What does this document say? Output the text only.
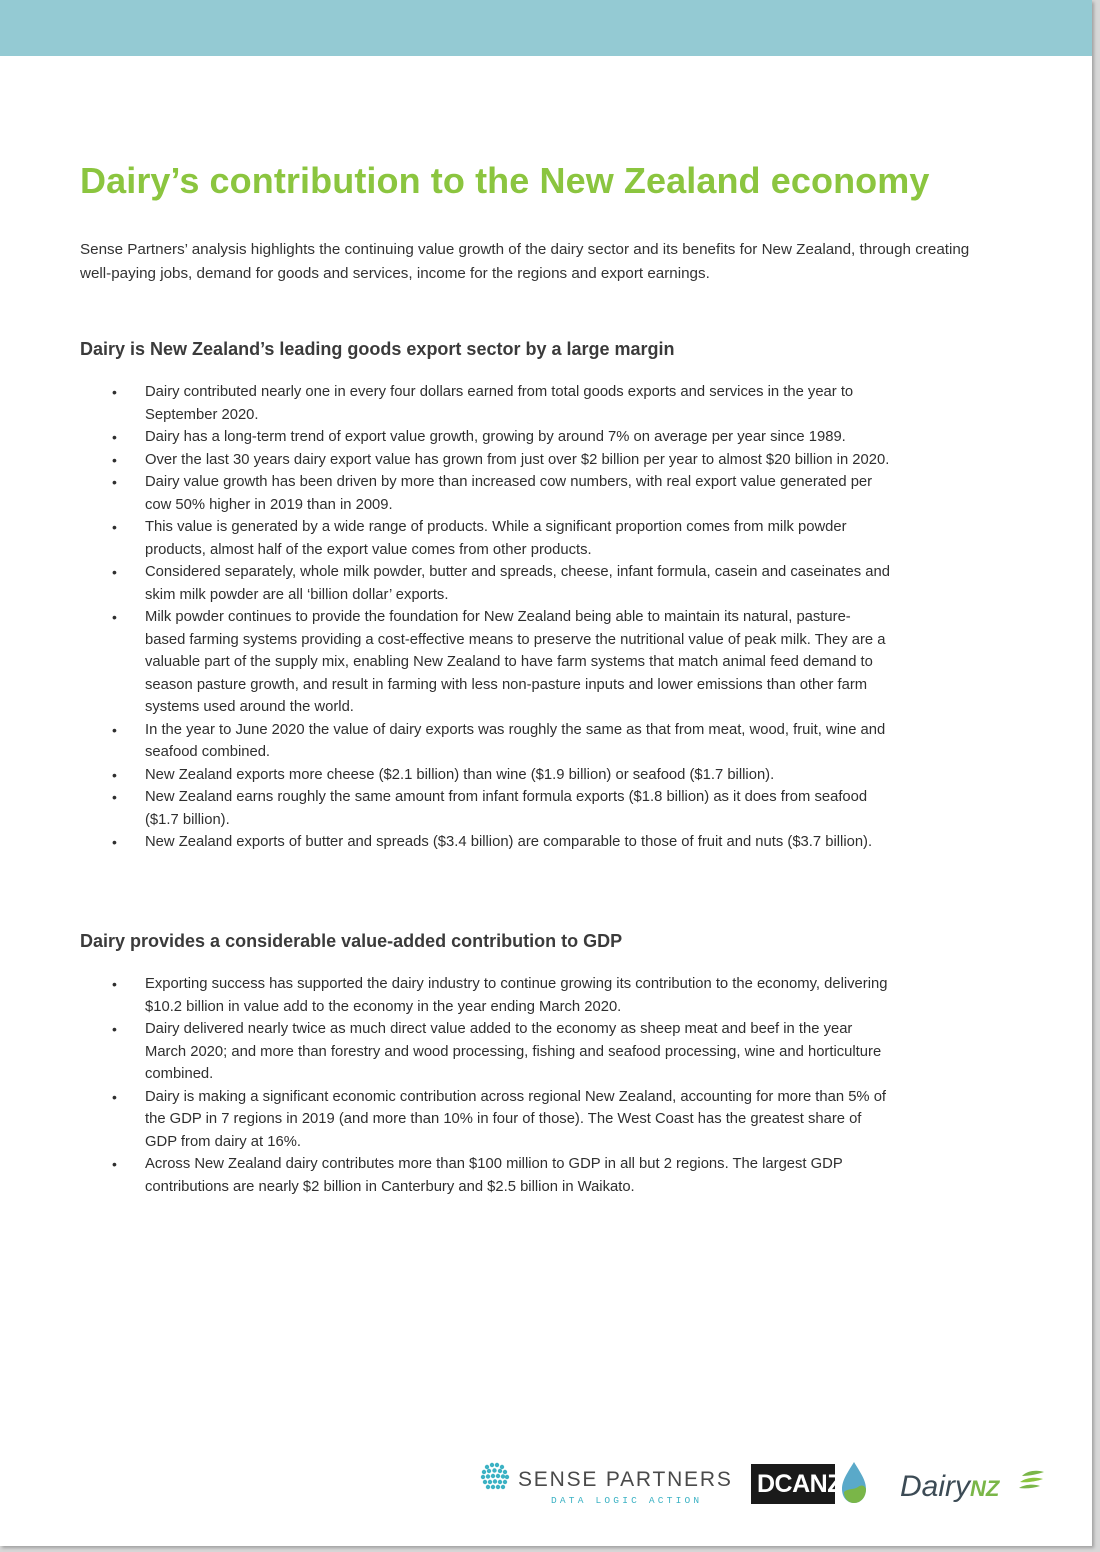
Dairy’s contribution to the New Zealand economy

Sense Partners’ analysis highlights the continuing value growth of the dairy sector and its benefits for New Zealand, through creating well-paying jobs, demand for goods and services, income for the regions and export earnings.

Dairy is New Zealand’s leading goods export sector by a large margin
• Dairy contributed nearly one in every four dollars earned from total goods exports and services in the year to September 2020.
• Dairy has a long-term trend of export value growth, growing by around 7% on average per year since 1989.
• Over the last 30 years dairy export value has grown from just over $2 billion per year to almost $20 billion in 2020.
• Dairy value growth has been driven by more than increased cow numbers, with real export value generated per cow 50% higher in 2019 than in 2009.
• This value is generated by a wide range of products. While a significant proportion comes from milk powder products, almost half of the export value comes from other products.
• Considered separately, whole milk powder, butter and spreads, cheese, infant formula, casein and caseinates and skim milk powder are all ‘billion dollar’ exports.
• Milk powder continues to provide the foundation for New Zealand being able to maintain its natural, pasture-based farming systems providing a cost-effective means to preserve the nutritional value of peak milk. They are a valuable part of the supply mix, enabling New Zealand to have farm systems that match animal feed demand to season pasture growth, and result in farming with less non-pasture inputs and lower emissions than other farm systems used around the world.
• In the year to June 2020 the value of dairy exports was roughly the same as that from meat, wood, fruit, wine and seafood combined.
• New Zealand exports more cheese ($2.1 billion) than wine ($1.9 billion) or seafood ($1.7 billion).
• New Zealand earns roughly the same amount from infant formula exports ($1.8 billion) as it does from seafood ($1.7 billion).
• New Zealand exports of butter and spreads ($3.4 billion) are comparable to those of fruit and nuts ($3.7 billion).
Dairy provides a considerable value-added contribution to GDP
• Exporting success has supported the dairy industry to continue growing its contribution to the economy, delivering $10.2 billion in value add to the economy in the year ending March 2020.
• Dairy delivered nearly twice as much direct value added to the economy as sheep meat and beef in the year March 2020; and more than forestry and wood processing, fishing and seafood processing, wine and horticulture combined.
• Dairy is making a significant economic contribution across regional New Zealand, accounting for more than 5% of the GDP in 7 regions in 2019 (and more than 10% in four of those). The West Coast has the greatest share of GDP from dairy at 16%.
• Across New Zealand dairy contributes more than $100 million to GDP in all but 2 regions. The largest GDP contributions are nearly $2 billion in Canterbury and $2.5 billion in Waikato.
SENSE PARTNERS
DATA LOGIC ACTION
DCANZ DairyNZ
